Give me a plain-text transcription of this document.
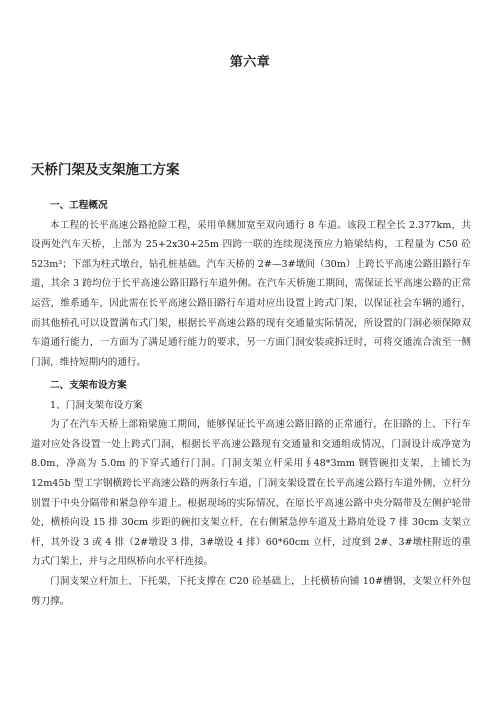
第六章
天桥门架及支架施工方案
一、工程概况
本工程的长平高速公路抢险工程，采用单侧加宽至双向通行 8 车道。该段工程全长 2.377km，共设两处汽车天桥，上部为 25+2x30+25m 四跨一联的连续现浇预应力箱梁结构，工程量为 C50 砼 523m³；下部为柱式墩台，钻孔桩基础。汽车天桥的 2#—3#墩间（30m）上跨长平高速公路旧路行车道，其余 3 跨均位于长平高速公路旧路行车道外侧。在汽车天桥施工期间，需保证长平高速公路的正常运营，维系通车，因此需在长平高速公路旧路行车道对应出设置上跨式门架，以保证社会车辆的通行，而其他桥孔可以设置满布式门架，根据长平高速公路的现有交通量实际情况，所设置的门洞必须保障双车道通行能力，一方面为了满足通行能力的要求，另一方面门洞安装或拆迁时，可将交通流合流至一侧门洞，维持短期内的通行。
二、支架布设方案
1、门洞支架布设方案
为了在汽车天桥上部箱梁施工期间，能够保证长平高速公路旧路的正常通行，在旧路的上、下行车道对应处各设置一处上跨式门洞，根据长平高速公路现有交通量和交通组成情况，门洞设计成净宽为 8.0m，净高为 5.0m 的下穿式通行门洞。门洞支架立杆采用∮48*3mm 钢管碗扣支架，上铺长为 12m45b 型工字钢横跨长平高速公路的两条行车道，门洞支架设置在长平高速公路行车道外侧，立杆分别置于中央分隔带和紧急停车道上。根据现场的实际情况，在原长平高速公路中央分隔带及左侧护轮带处，横桥向设 15 排 30cm 步距的碗扣支架立杆，在右侧紧急停车道及土路肩处设 7 排 30cm 支架立杆，其外设 3 或 4 排（2#墩设 3 排，3#墩设 4 排）60*60cm 立杆，过度到 2#、3#墩柱附近的重力式门架上，并与之用纵桥向水平杆连接。
门洞支架立杆加上、下托架，下托支撑在 C20 砼基础上，上托横桥向铺 10#槽钢，支架立杆外包剪刀撑。
